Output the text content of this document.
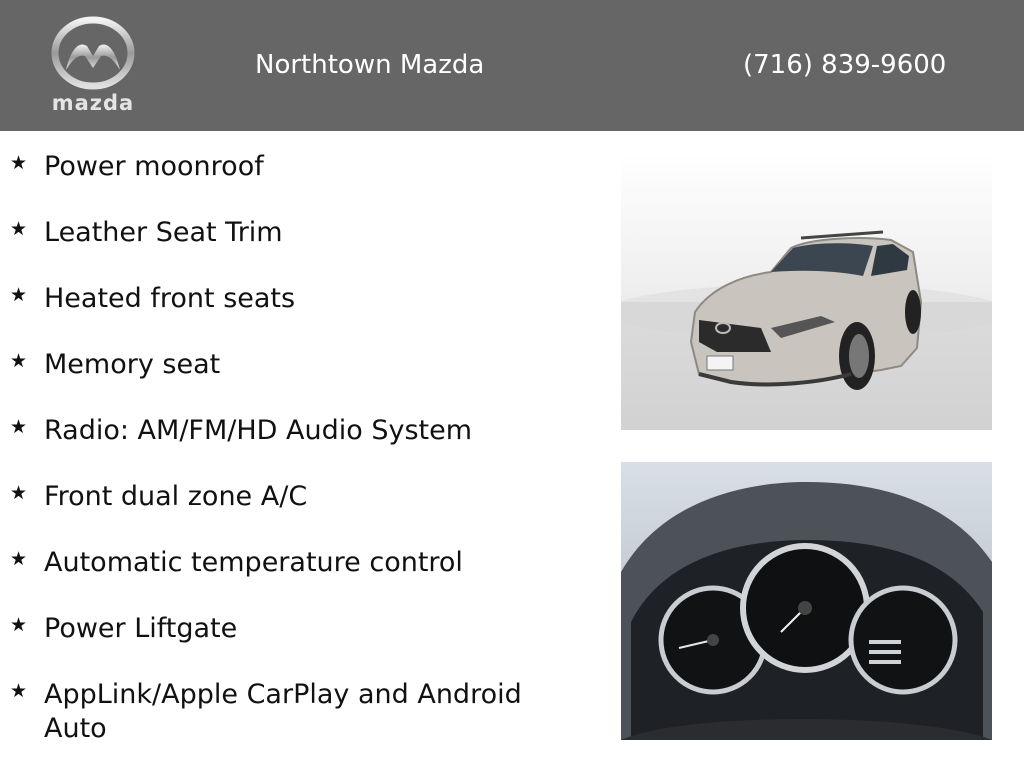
mazda
Northtown Mazda	(716) 839-9600
★ Power moonroof
★ Leather Seat Trim
★ Heated front seats
★ Memory seat
★ Radio: AM/FM/HD Audio System
★ Front dual zone A/C
★ Automatic temperature control
★ Power Liftgate
★ AppLink/Apple CarPlay and Android Auto
